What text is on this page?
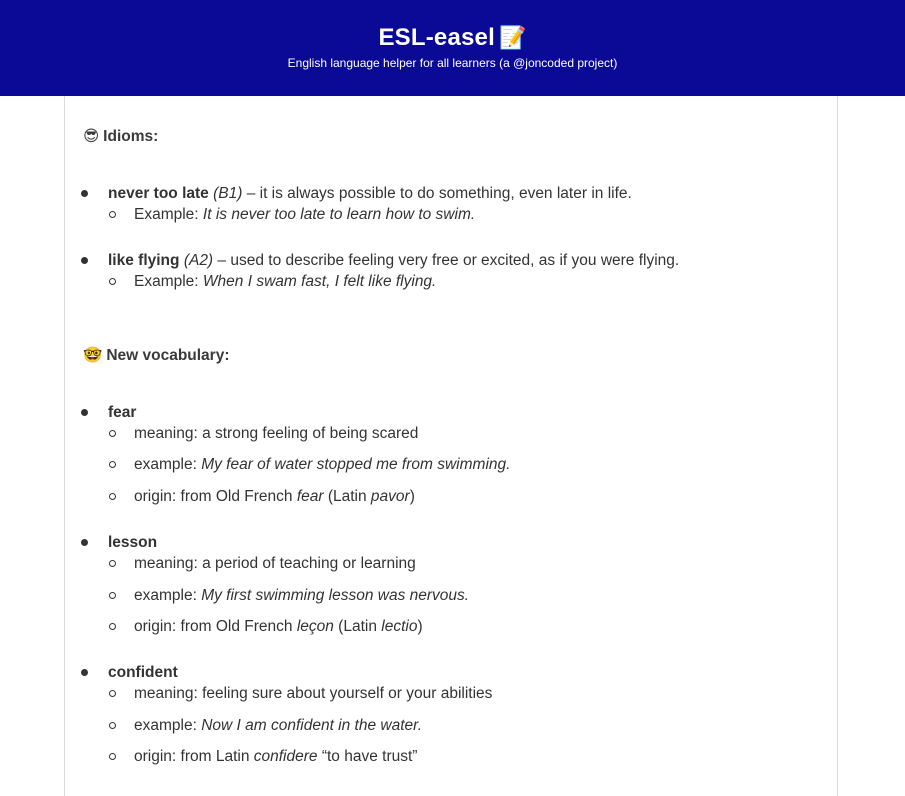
ESL-easel 📝
English language helper for all learners (a @joncoded project)
😎 Idioms:
never too late (B1) – it is always possible to do something, even later in life.
Example: It is never too late to learn how to swim.
like flying (A2) – used to describe feeling very free or excited, as if you were flying.
Example: When I swam fast, I felt like flying.
🤓 New vocabulary:
fear
meaning: a strong feeling of being scared
example: My fear of water stopped me from swimming.
origin: from Old French fear (Latin pavor)
lesson
meaning: a period of teaching or learning
example: My first swimming lesson was nervous.
origin: from Old French leçon (Latin lectio)
confident
meaning: feeling sure about yourself or your abilities
example: Now I am confident in the water.
origin: from Latin confidere “to have trust”
